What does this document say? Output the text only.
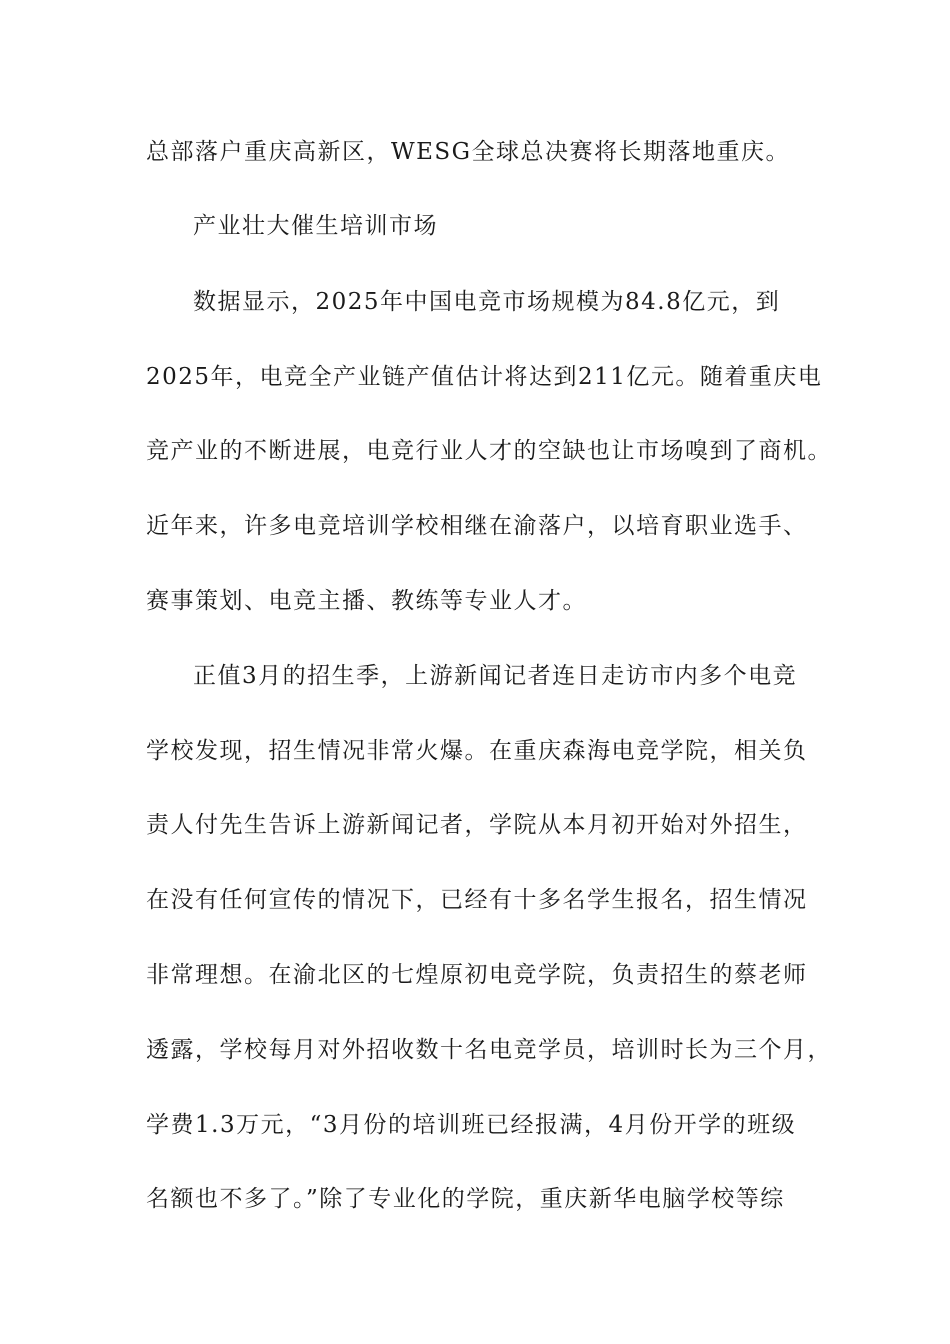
总部落户重庆高新区，WESG全球总决赛将长期落地重庆。
产业壮大催生培训市场
数据显示，2025年中国电竞市场规模为84.8亿元，到
2025年，电竞全产业链产值估计将达到211亿元。随着重庆电
竞产业的不断进展，电竞行业人才的空缺也让市场嗅到了商机。
近年来，许多电竞培训学校相继在渝落户，以培育职业选手、
赛事策划、电竞主播、教练等专业人才。
正值3月的招生季，上游新闻记者连日走访市内多个电竞
学校发现，招生情况非常火爆。在重庆森海电竞学院，相关负
责人付先生告诉上游新闻记者，学院从本月初开始对外招生，
在没有任何宣传的情况下，已经有十多名学生报名，招生情况
非常理想。在渝北区的七煌原初电竞学院，负责招生的蔡老师
透露，学校每月对外招收数十名电竞学员，培训时长为三个月，
学费1.3万元，“3月份的培训班已经报满，4月份开学的班级
名额也不多了。”除了专业化的学院，重庆新华电脑学校等综
